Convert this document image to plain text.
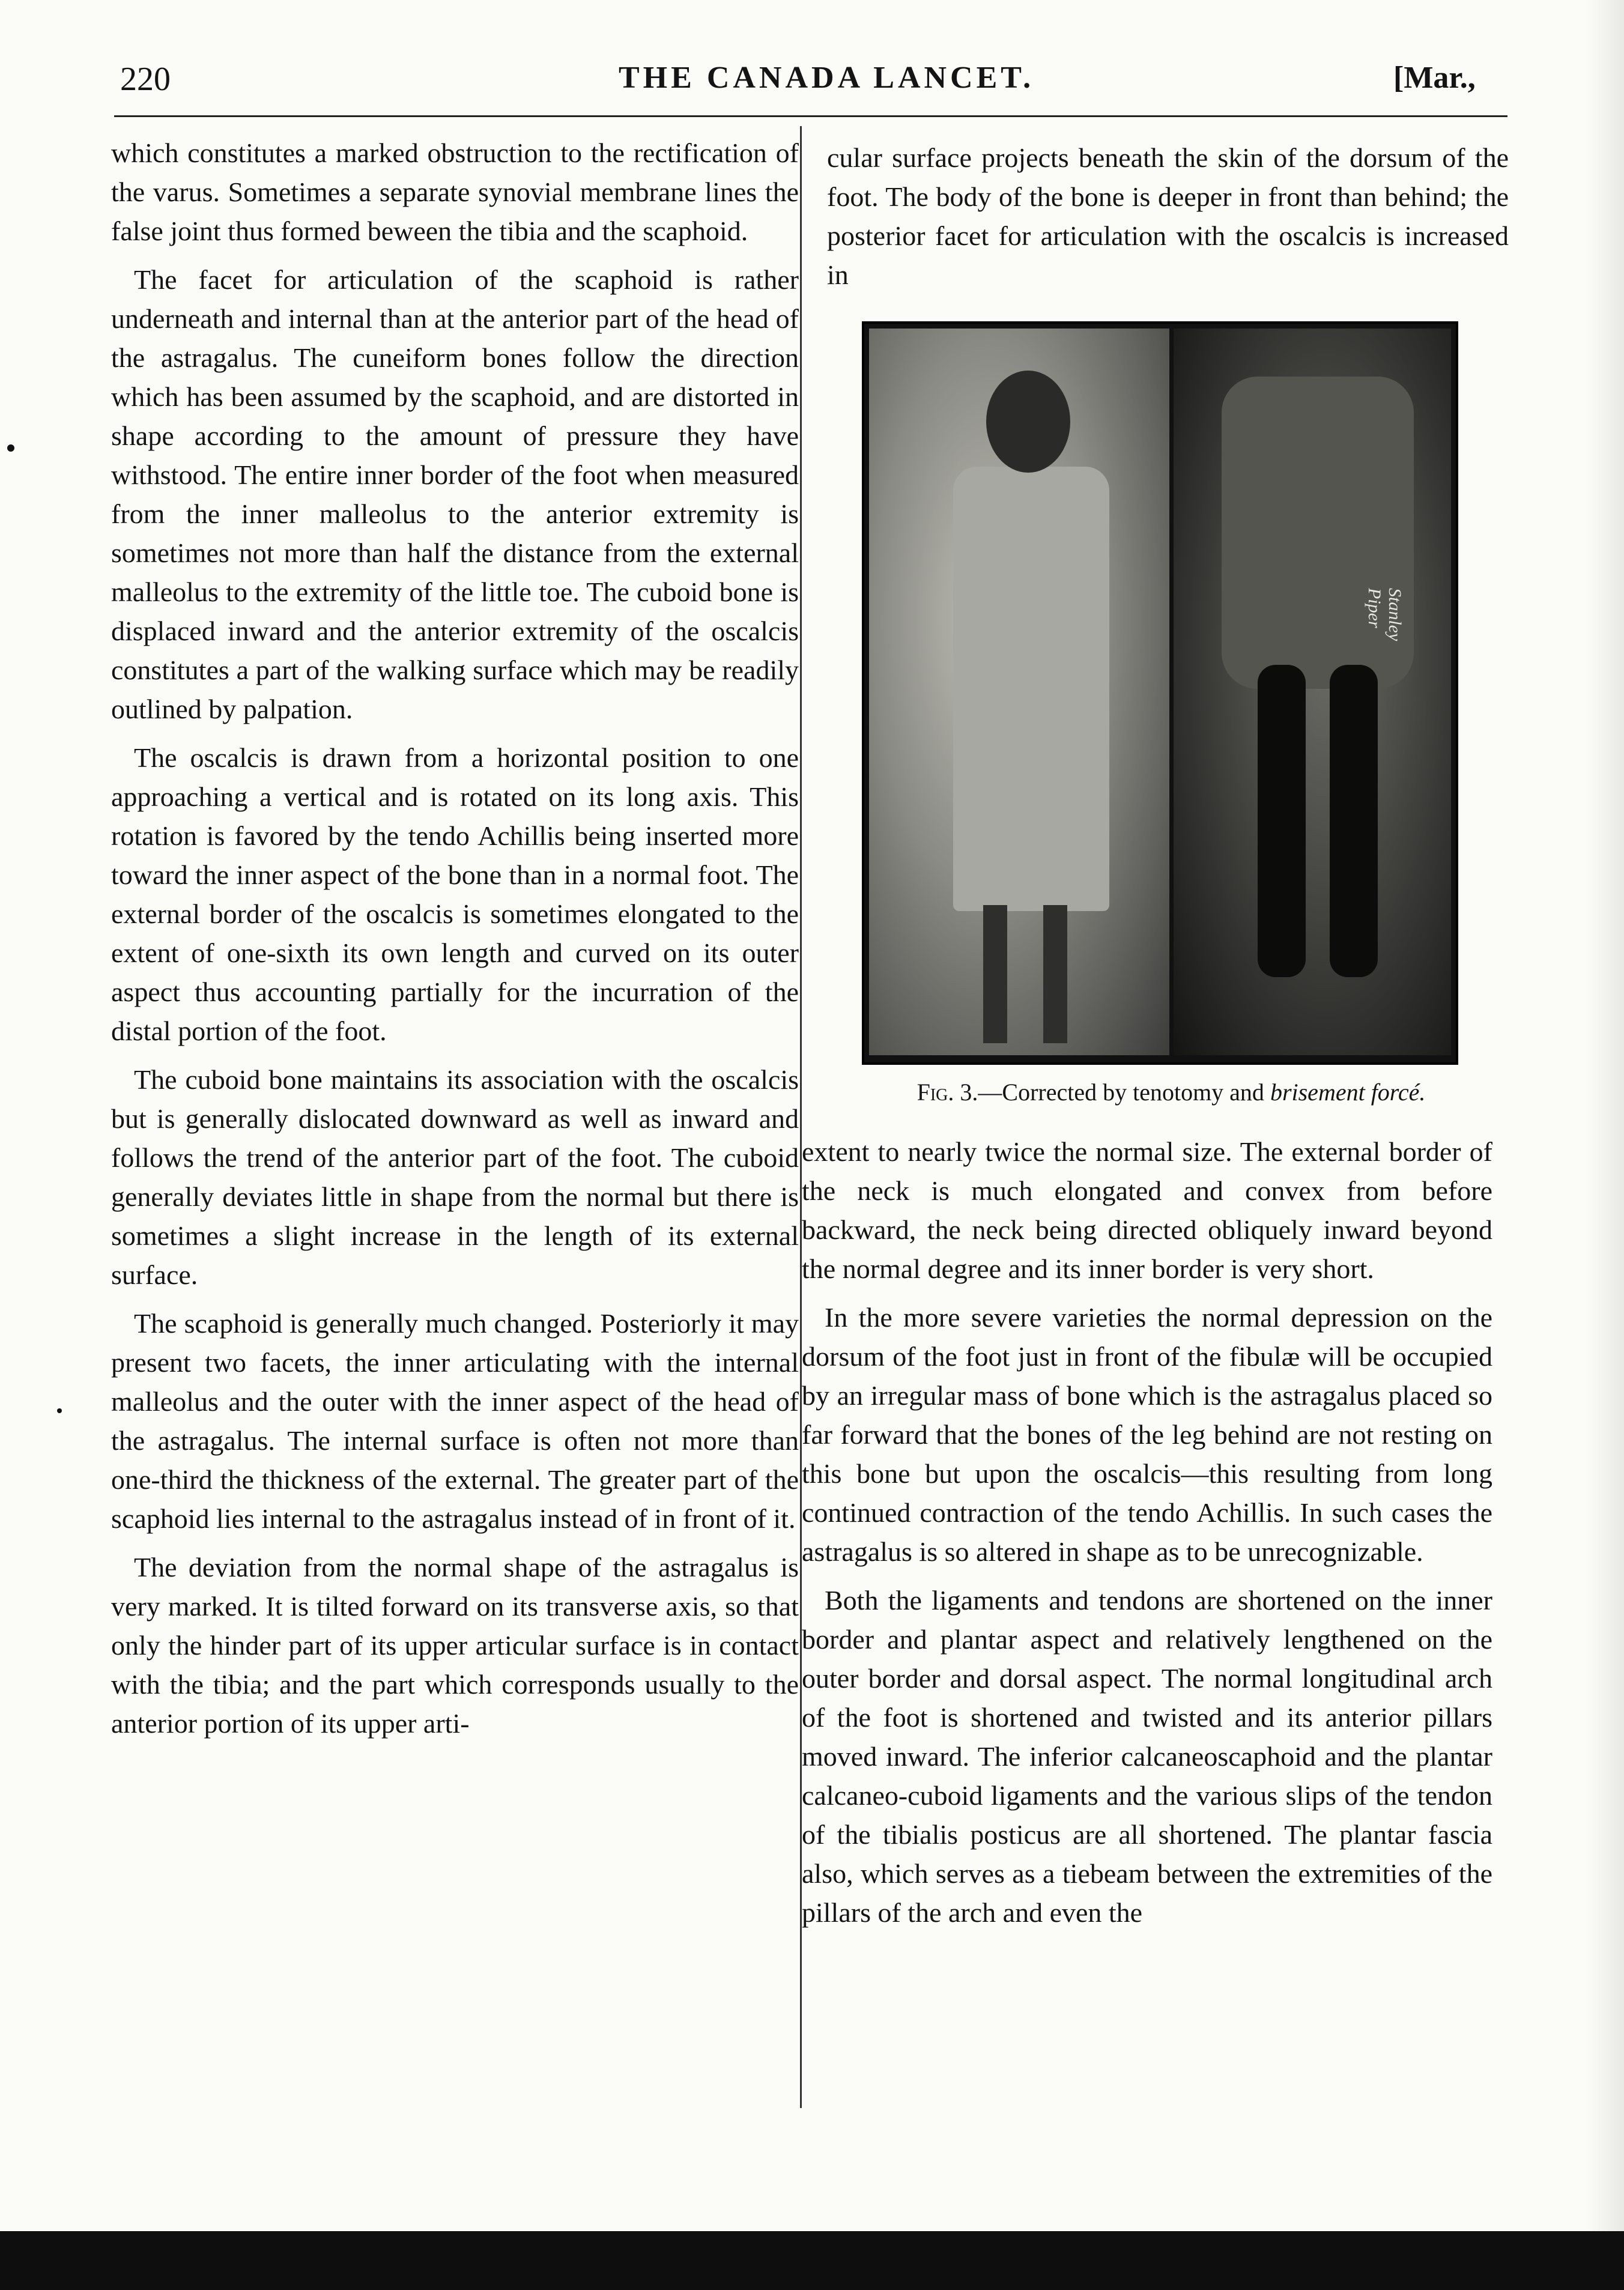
220	THE CANADA LANCET.	[Mar.,

which constitutes a marked obstruction to the rectification of the varus. Sometimes a separate synovial membrane lines the false joint thus formed beween the tibia and the scaphoid.

The facet for articulation of the scaphoid is rather underneath and internal than at the anterior part of the head of the astragalus. The cuneiform bones follow the direction which has been assumed by the scaphoid, and are distorted in shape according to the amount of pressure they have withstood. The entire inner border of the foot when measured from the inner malleolus to the anterior extremity is sometimes not more than half the distance from the external malleolus to the extremity of the little toe. The cuboid bone is displaced inward and the anterior extremity of the oscalcis constitutes a part of the walking surface which may be readily outlined by palpation.

The oscalcis is drawn from a horizontal position to one approaching a vertical and is rotated on its long axis. This rotation is favored by the tendo Achillis being inserted more toward the inner aspect of the bone than in a normal foot. The external border of the oscalcis is sometimes elongated to the extent of one-sixth its own length and curved on its outer aspect thus accounting partially for the incurration of the distal portion of the foot.

The cuboid bone maintains its association with the oscalcis but is generally dislocated downward as well as inward and follows the trend of the anterior part of the foot. The cuboid generally deviates little in shape from the normal but there is sometimes a slight increase in the length of its external surface.

The scaphoid is generally much changed. Posteriorly it may present two facets, the inner articulating with the internal malleolus and the outer with the inner aspect of the head of the astragalus. The internal surface is often not more than one-third the thickness of the external. The greater part of the scaphoid lies internal to the astragalus instead of in front of it.

The deviation from the normal shape of the astragalus is very marked. It is tilted forward on its transverse axis, so that only the hinder part of its upper articular surface is in contact with the tibia; and the part which corresponds usually to the anterior portion of its upper arti-

cular surface projects beneath the skin of the dorsum of the foot. The body of the bone is deeper in front than behind; the posterior facet for articulation with the oscalcis is increased in

Stanley Piper
Fig. 3.—Corrected by tenotomy and brisement forcé.

extent to nearly twice the normal size. The external border of the neck is much elongated and convex from before backward, the neck being directed obliquely inward beyond the normal degree and its inner border is very short.

In the more severe varieties the normal depression on the dorsum of the foot just in front of the fibulæ will be occupied by an irregular mass of bone which is the astragalus placed so far forward that the bones of the leg behind are not resting on this bone but upon the oscalcis—this resulting from long continued contraction of the tendo Achillis. In such cases the astragalus is so altered in shape as to be unrecognizable.

Both the ligaments and tendons are shortened on the inner border and plantar aspect and relatively lengthened on the outer border and dorsal aspect. The normal longitudinal arch of the foot is shortened and twisted and its anterior pillars moved inward. The inferior calcaneoscaphoid and the plantar calcaneo-cuboid ligaments and the various slips of the tendon of the tibialis posticus are all shortened. The plantar fascia also, which serves as a tiebeam between the extremities of the pillars of the arch and even the
